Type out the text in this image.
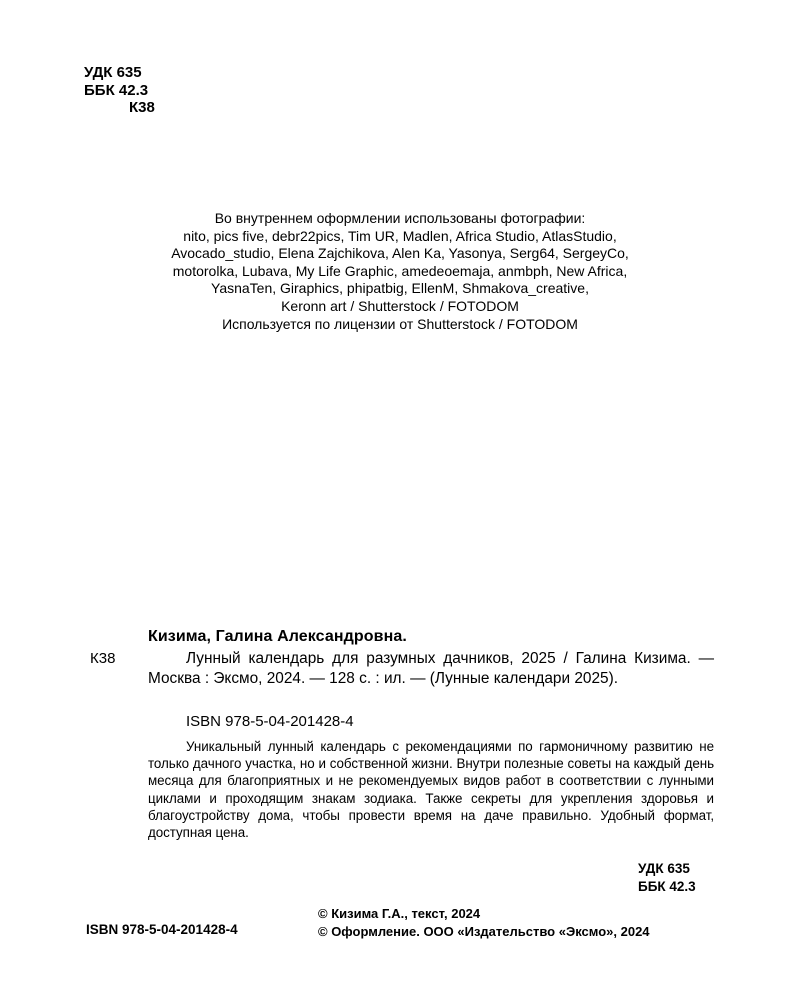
УДК 635
ББК 42.3
К38
Во внутреннем оформлении использованы фотографии:
nito, pics five, debr22pics, Tim UR, Madlen, Africa Studio, AtlasStudio,
Avocado_studio, Elena Zajchikova, Alen Ka, Yasonya, Serg64, SergeyCo,
motorolka, Lubava, My Life Graphic, amedeoemaja, anmbph, New Africa,
YasnaTen, Giraphics, phipatbig, EllenM, Shmakova_creative,
Keronn art / Shutterstock / FOTODOM
Используется по лицензии от Shutterstock / FOTODOM
Кизима, Галина Александровна.
К38	Лунный календарь для разумных дачников, 2025 / Галина Кизима. — Москва : Эксмо, 2024. — 128 с. : ил. — (Лунные календари 2025).
ISBN 978-5-04-201428-4
Уникальный лунный календарь с рекомендациями по гармоничному развитию не только дачного участка, но и собственной жизни. Внутри полезные советы на каждый день месяца для благоприятных и не рекомендуемых видов работ в соответствии с лунными циклами и проходящим знакам зодиака. Также секреты для укрепления здоровья и благоустройству дома, чтобы провести время на даче правильно. Удобный формат, доступная цена.
УДК 635
ББК 42.3
ISBN 978-5-04-201428-4
© Кизима Г.А., текст, 2024
© Оформление. ООО «Издательство «Эксмо», 2024
